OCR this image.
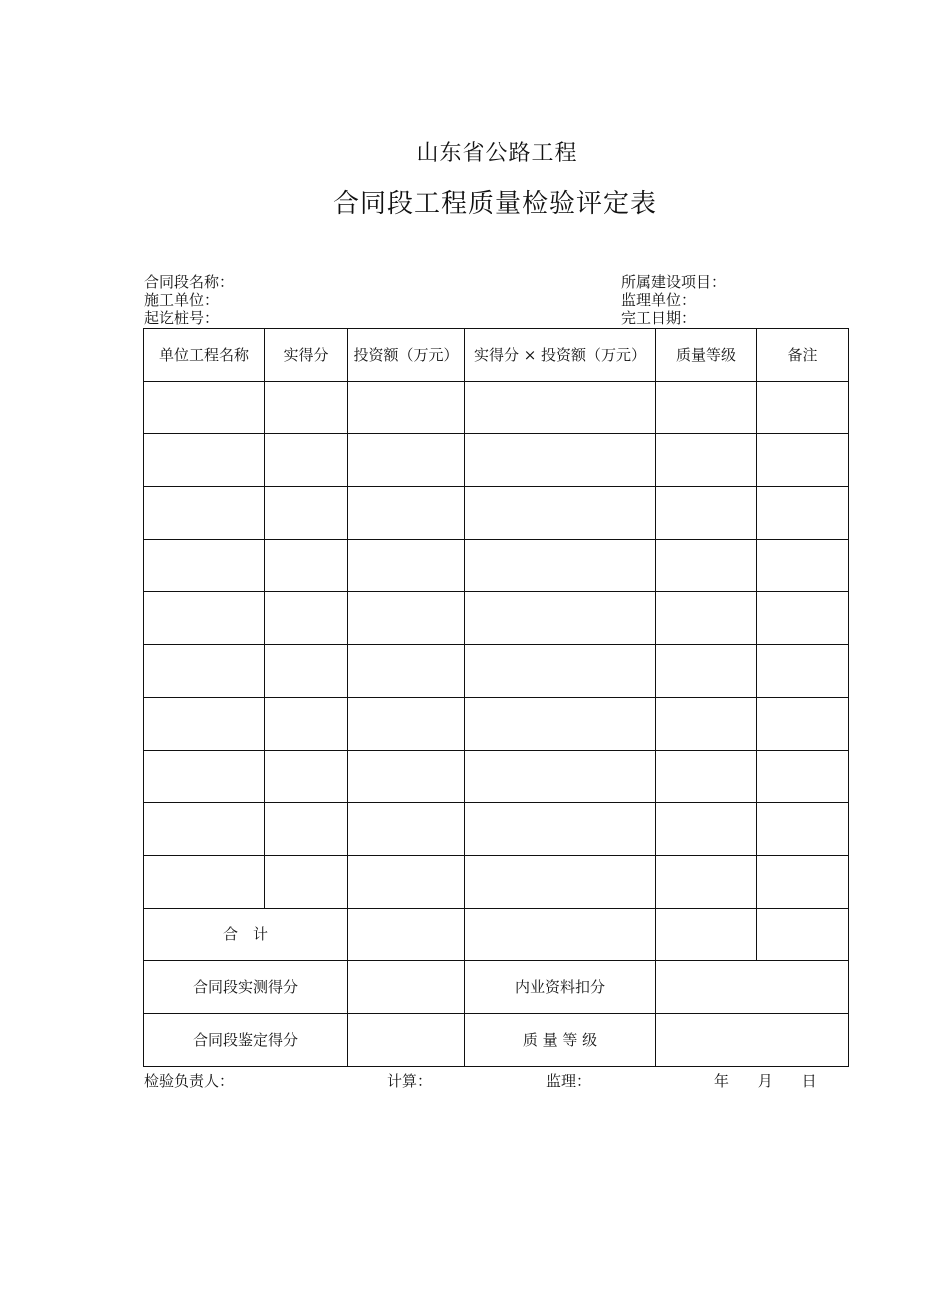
山东省公路工程
合同段工程质量检验评定表
合同段名称：
施工单位：
起讫桩号：
所属建设项目：
监理单位：
完工日期：
单位工程名称	实得分	投资额（万元）	实得分 × 投资额（万元）	质量等级	备注

合　计					
合同段实测得分			内业资料扣分		
合同段鉴定得分			质 量 等 级		
检验负责人：	计算：	监理：	年 月 日
